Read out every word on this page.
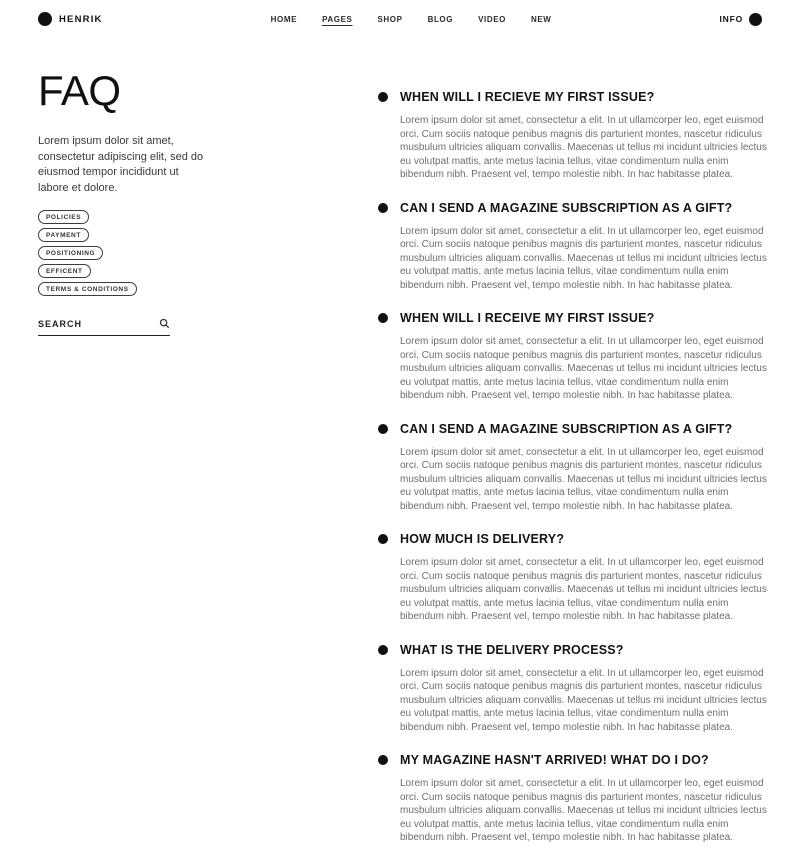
HENRIK	HOME	PAGES	SHOP	BLOG	VIDEO	NEW	INFO
FAQ

Lorem ipsum dolor sit amet, consectetur adipiscing elit, sed do eiusmod tempor incididunt ut labore et dolore.

POLICIES
PAYMENT
POSITIONING
EFFICENT
TERMS & CONDITIONS
SEARCH
WHEN WILL I RECIEVE MY FIRST ISSUE?

Lorem ipsum dolor sit amet, consectetur a elit. In ut ullamcorper leo, eget euismod orci. Cum sociis natoque penibus magnis dis parturient montes, nascetur ridiculus musbulum ultricies aliquam convallis. Maecenas ut tellus mi incidunt ultricies lectus eu volutpat mattis, ante metus lacinia tellus, vitae condimentum nulla enim bibendum nibh. Praesent vel, tempo molestie nibh. In hac habitasse platea.

CAN I SEND A MAGAZINE SUBSCRIPTION AS A GIFT?

Lorem ipsum dolor sit amet, consectetur a elit. In ut ullamcorper leo, eget euismod orci. Cum sociis natoque penibus magnis dis parturient montes, nascetur ridiculus musbulum ultricies aliquam convallis. Maecenas ut tellus mi incidunt ultricies lectus eu volutpat mattis, ante metus lacinia tellus, vitae condimentum nulla enim bibendum nibh. Praesent vel, tempo molestie nibh. In hac habitasse platea.

WHEN WILL I RECEIVE MY FIRST ISSUE?

Lorem ipsum dolor sit amet, consectetur a elit. In ut ullamcorper leo, eget euismod orci. Cum sociis natoque penibus magnis dis parturient montes, nascetur ridiculus musbulum ultricies aliquam convallis. Maecenas ut tellus mi incidunt ultricies lectus eu volutpat mattis, ante metus lacinia tellus, vitae condimentum nulla enim bibendum nibh. Praesent vel, tempo molestie nibh. In hac habitasse platea.

CAN I SEND A MAGAZINE SUBSCRIPTION AS A GIFT?

Lorem ipsum dolor sit amet, consectetur a elit. In ut ullamcorper leo, eget euismod orci. Cum sociis natoque penibus magnis dis parturient montes, nascetur ridiculus musbulum ultricies aliquam convallis. Maecenas ut tellus mi incidunt ultricies lectus eu volutpat mattis, ante metus lacinia tellus, vitae condimentum nulla enim bibendum nibh. Praesent vel, tempo molestie nibh. In hac habitasse platea.

HOW MUCH IS DELIVERY?

Lorem ipsum dolor sit amet, consectetur a elit. In ut ullamcorper leo, eget euismod orci. Cum sociis natoque penibus magnis dis parturient montes, nascetur ridiculus musbulum ultricies aliquam convallis. Maecenas ut tellus mi incidunt ultricies lectus eu volutpat mattis, ante metus lacinia tellus, vitae condimentum nulla enim bibendum nibh. Praesent vel, tempo molestie nibh. In hac habitasse platea.

WHAT IS THE DELIVERY PROCESS?

Lorem ipsum dolor sit amet, consectetur a elit. In ut ullamcorper leo, eget euismod orci. Cum sociis natoque penibus magnis dis parturient montes, nascetur ridiculus musbulum ultricies aliquam convallis. Maecenas ut tellus mi incidunt ultricies lectus eu volutpat mattis, ante metus lacinia tellus, vitae condimentum nulla enim bibendum nibh. Praesent vel, tempo molestie nibh. In hac habitasse platea.

MY MAGAZINE HASN'T ARRIVED! WHAT DO I DO?

Lorem ipsum dolor sit amet, consectetur a elit. In ut ullamcorper leo, eget euismod orci. Cum sociis natoque penibus magnis dis parturient montes, nascetur ridiculus musbulum ultricies aliquam convallis. Maecenas ut tellus mi incidunt ultricies lectus eu volutpat mattis, ante metus lacinia tellus, vitae condimentum nulla enim bibendum nibh. Praesent vel, tempo molestie nibh. In hac habitasse platea.
